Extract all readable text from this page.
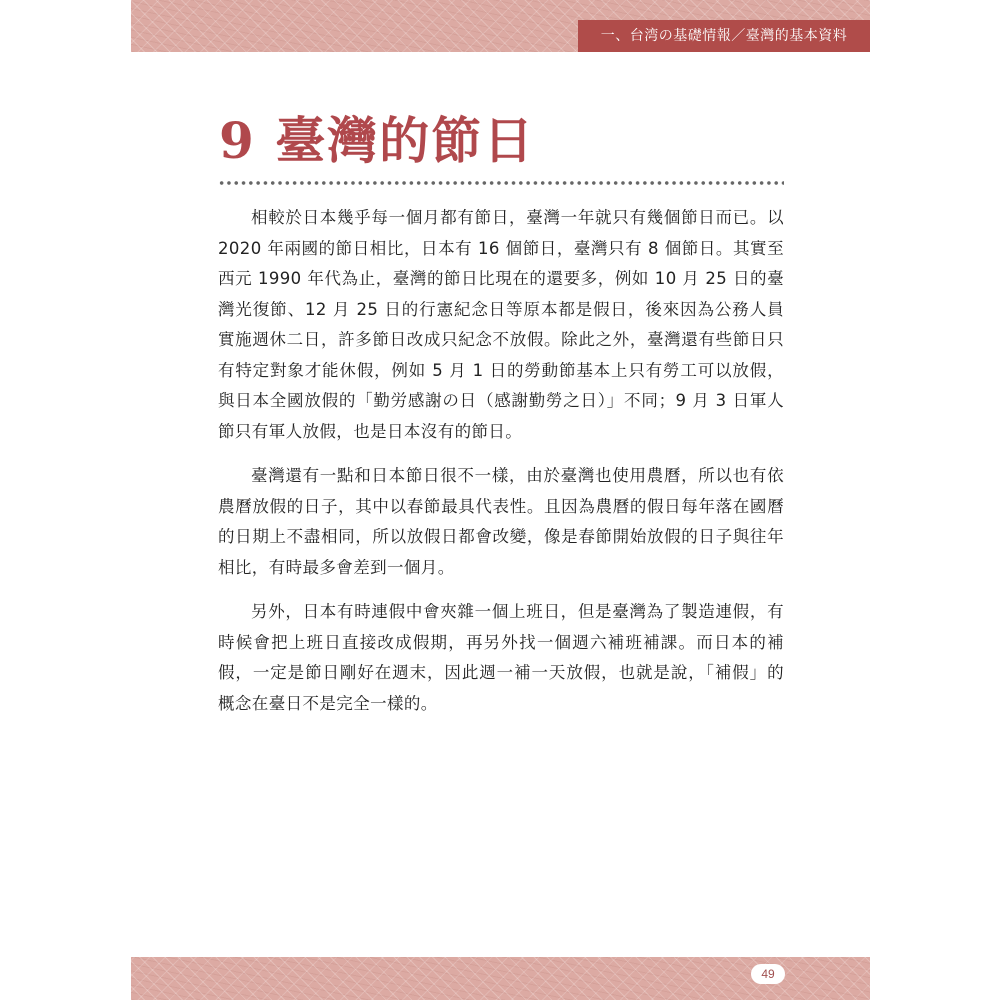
一、台湾の基礎情報／臺灣的基本資料
9 臺灣的節日

相較於日本幾乎每一個月都有節日，臺灣一年就只有幾個節日而已。以 2020 年兩國的節日相比，日本有 16 個節日，臺灣只有 8 個節日。其實至西元 1990 年代為止，臺灣的節日比現在的還要多，例如 10 月 25 日的臺灣光復節、12 月 25 日的行憲紀念日等原本都是假日，後來因為公務人員實施週休二日，許多節日改成只紀念不放假。除此之外，臺灣還有些節日只有特定對象才能休假，例如 5 月 1 日的勞動節基本上只有勞工可以放假，與日本全國放假的「勤労感謝の日（感謝勤勞之日）」不同；9 月 3 日軍人節只有軍人放假，也是日本沒有的節日。

臺灣還有一點和日本節日很不一樣，由於臺灣也使用農曆，所以也有依農曆放假的日子，其中以春節最具代表性。且因為農曆的假日每年落在國曆的日期上不盡相同，所以放假日都會改變，像是春節開始放假的日子與往年相比，有時最多會差到一個月。

另外，日本有時連假中會夾雜一個上班日，但是臺灣為了製造連假，有時候會把上班日直接改成假期，再另外找一個週六補班補課。而日本的補假，一定是節日剛好在週末，因此週一補一天放假，也就是說，「補假」的概念在臺日不是完全一樣的。

49
